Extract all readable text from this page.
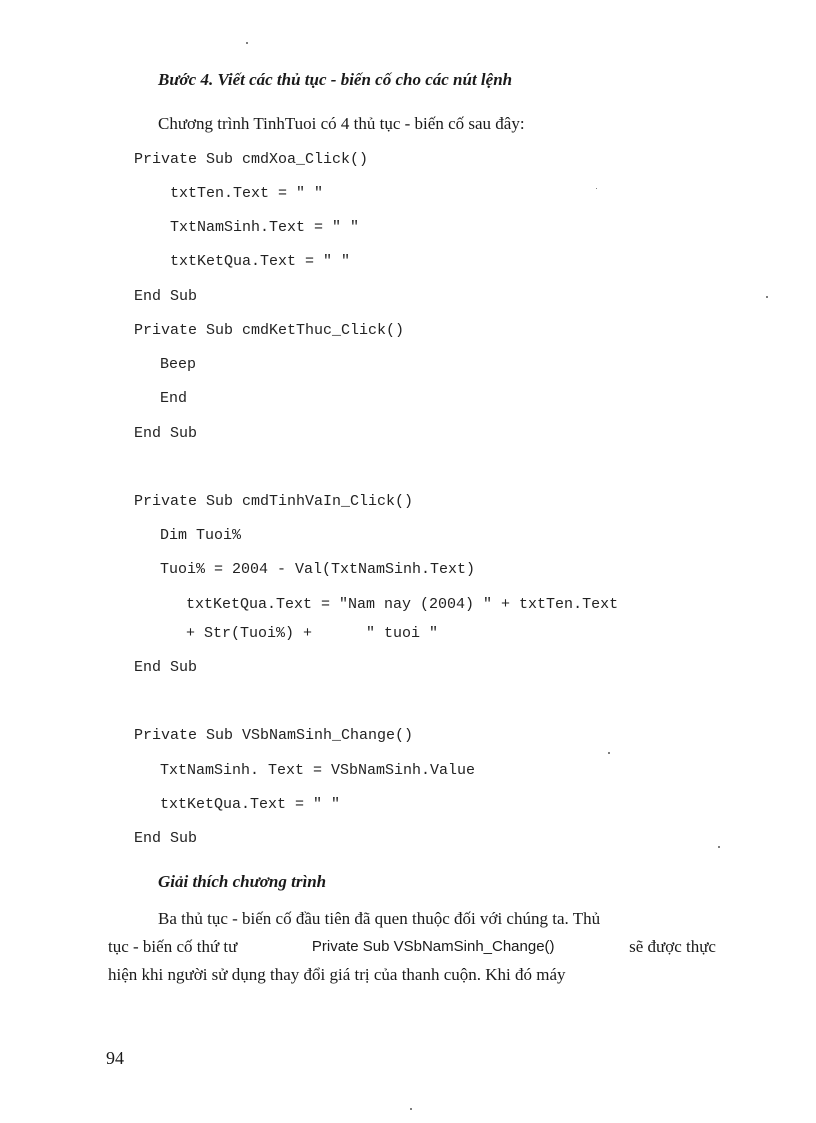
Bước 4. Viết các thủ tục - biến cố cho các nút lệnh
Chương trình TinhTuoi có 4 thủ tục - biến cố sau đây:
Private Sub cmdXoa_Click()
txtTen.Text = " "
TxtNamSinh.Text = " "
txtKetQua.Text = " "
End Sub
Private Sub cmdKetThuc_Click()
Beep
End
End Sub
Private Sub cmdTinhVaIn_Click()
Dim Tuoi%
Tuoi% = 2004 - Val(TxtNamSinh.Text)
txtKetQua.Text = "Nam nay (2004) " + txtTen.Text
+ Str(Tuoi%) +      " tuoi "
End Sub
Private Sub VSbNamSinh_Change()
TxtNamSinh. Text = VSbNamSinh.Value
txtKetQua.Text = " "
End Sub
Giải thích chương trình
Ba thủ tục - biến cố đầu tiên đã quen thuộc đối với chúng ta. Thủ
tục - biến cố thứ tư	Private Sub VSbNamSinh_Change()	sẽ được thực
hiện khi người sử dụng thay đổi giá trị của thanh cuộn. Khi đó máy
94
